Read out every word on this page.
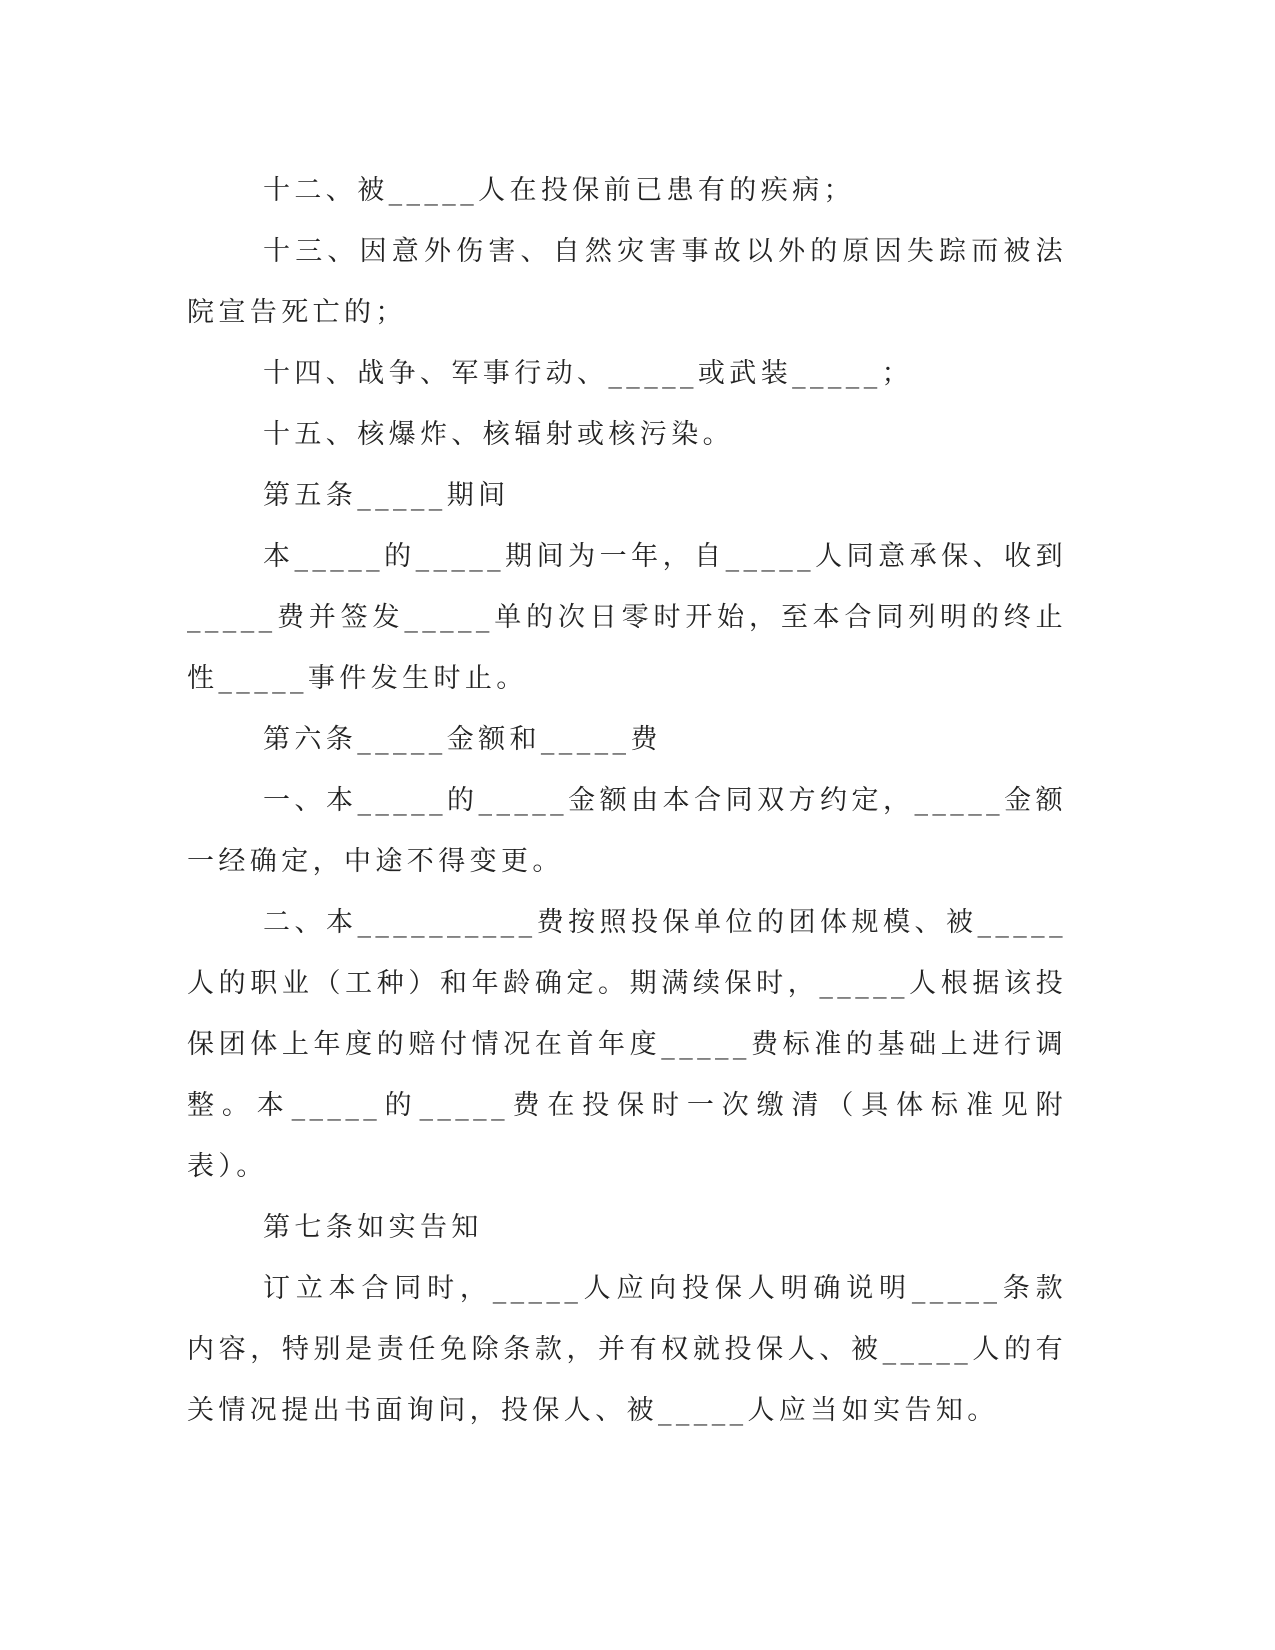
十二、被_____人在投保前已患有的疾病；

十三、因意外伤害、自然灾害事故以外的原因失踪而被法院宣告死亡的；

十四、战争、军事行动、_____或武装_____；

十五、核爆炸、核辐射或核污染。

第五条_____期间

本_____的_____期间为一年，自_____人同意承保、收到_____费并签发_____单的次日零时开始，至本合同列明的终止性_____事件发生时止。

第六条_____金额和_____费

一、本_____的_____金额由本合同双方约定，_____金额一经确定，中途不得变更。

二、本__________费按照投保单位的团体规模、被_____人的职业（工种）和年龄确定。期满续保时，_____人根据该投保团体上年度的赔付情况在首年度_____费标准的基础上进行调整。本_____的_____费在投保时一次缴清（具体标准见附表）。

第七条如实告知

订立本合同时，_____人应向投保人明确说明_____条款内容，特别是责任免除条款，并有权就投保人、被_____人的有关情况提出书面询问，投保人、被_____人应当如实告知。
